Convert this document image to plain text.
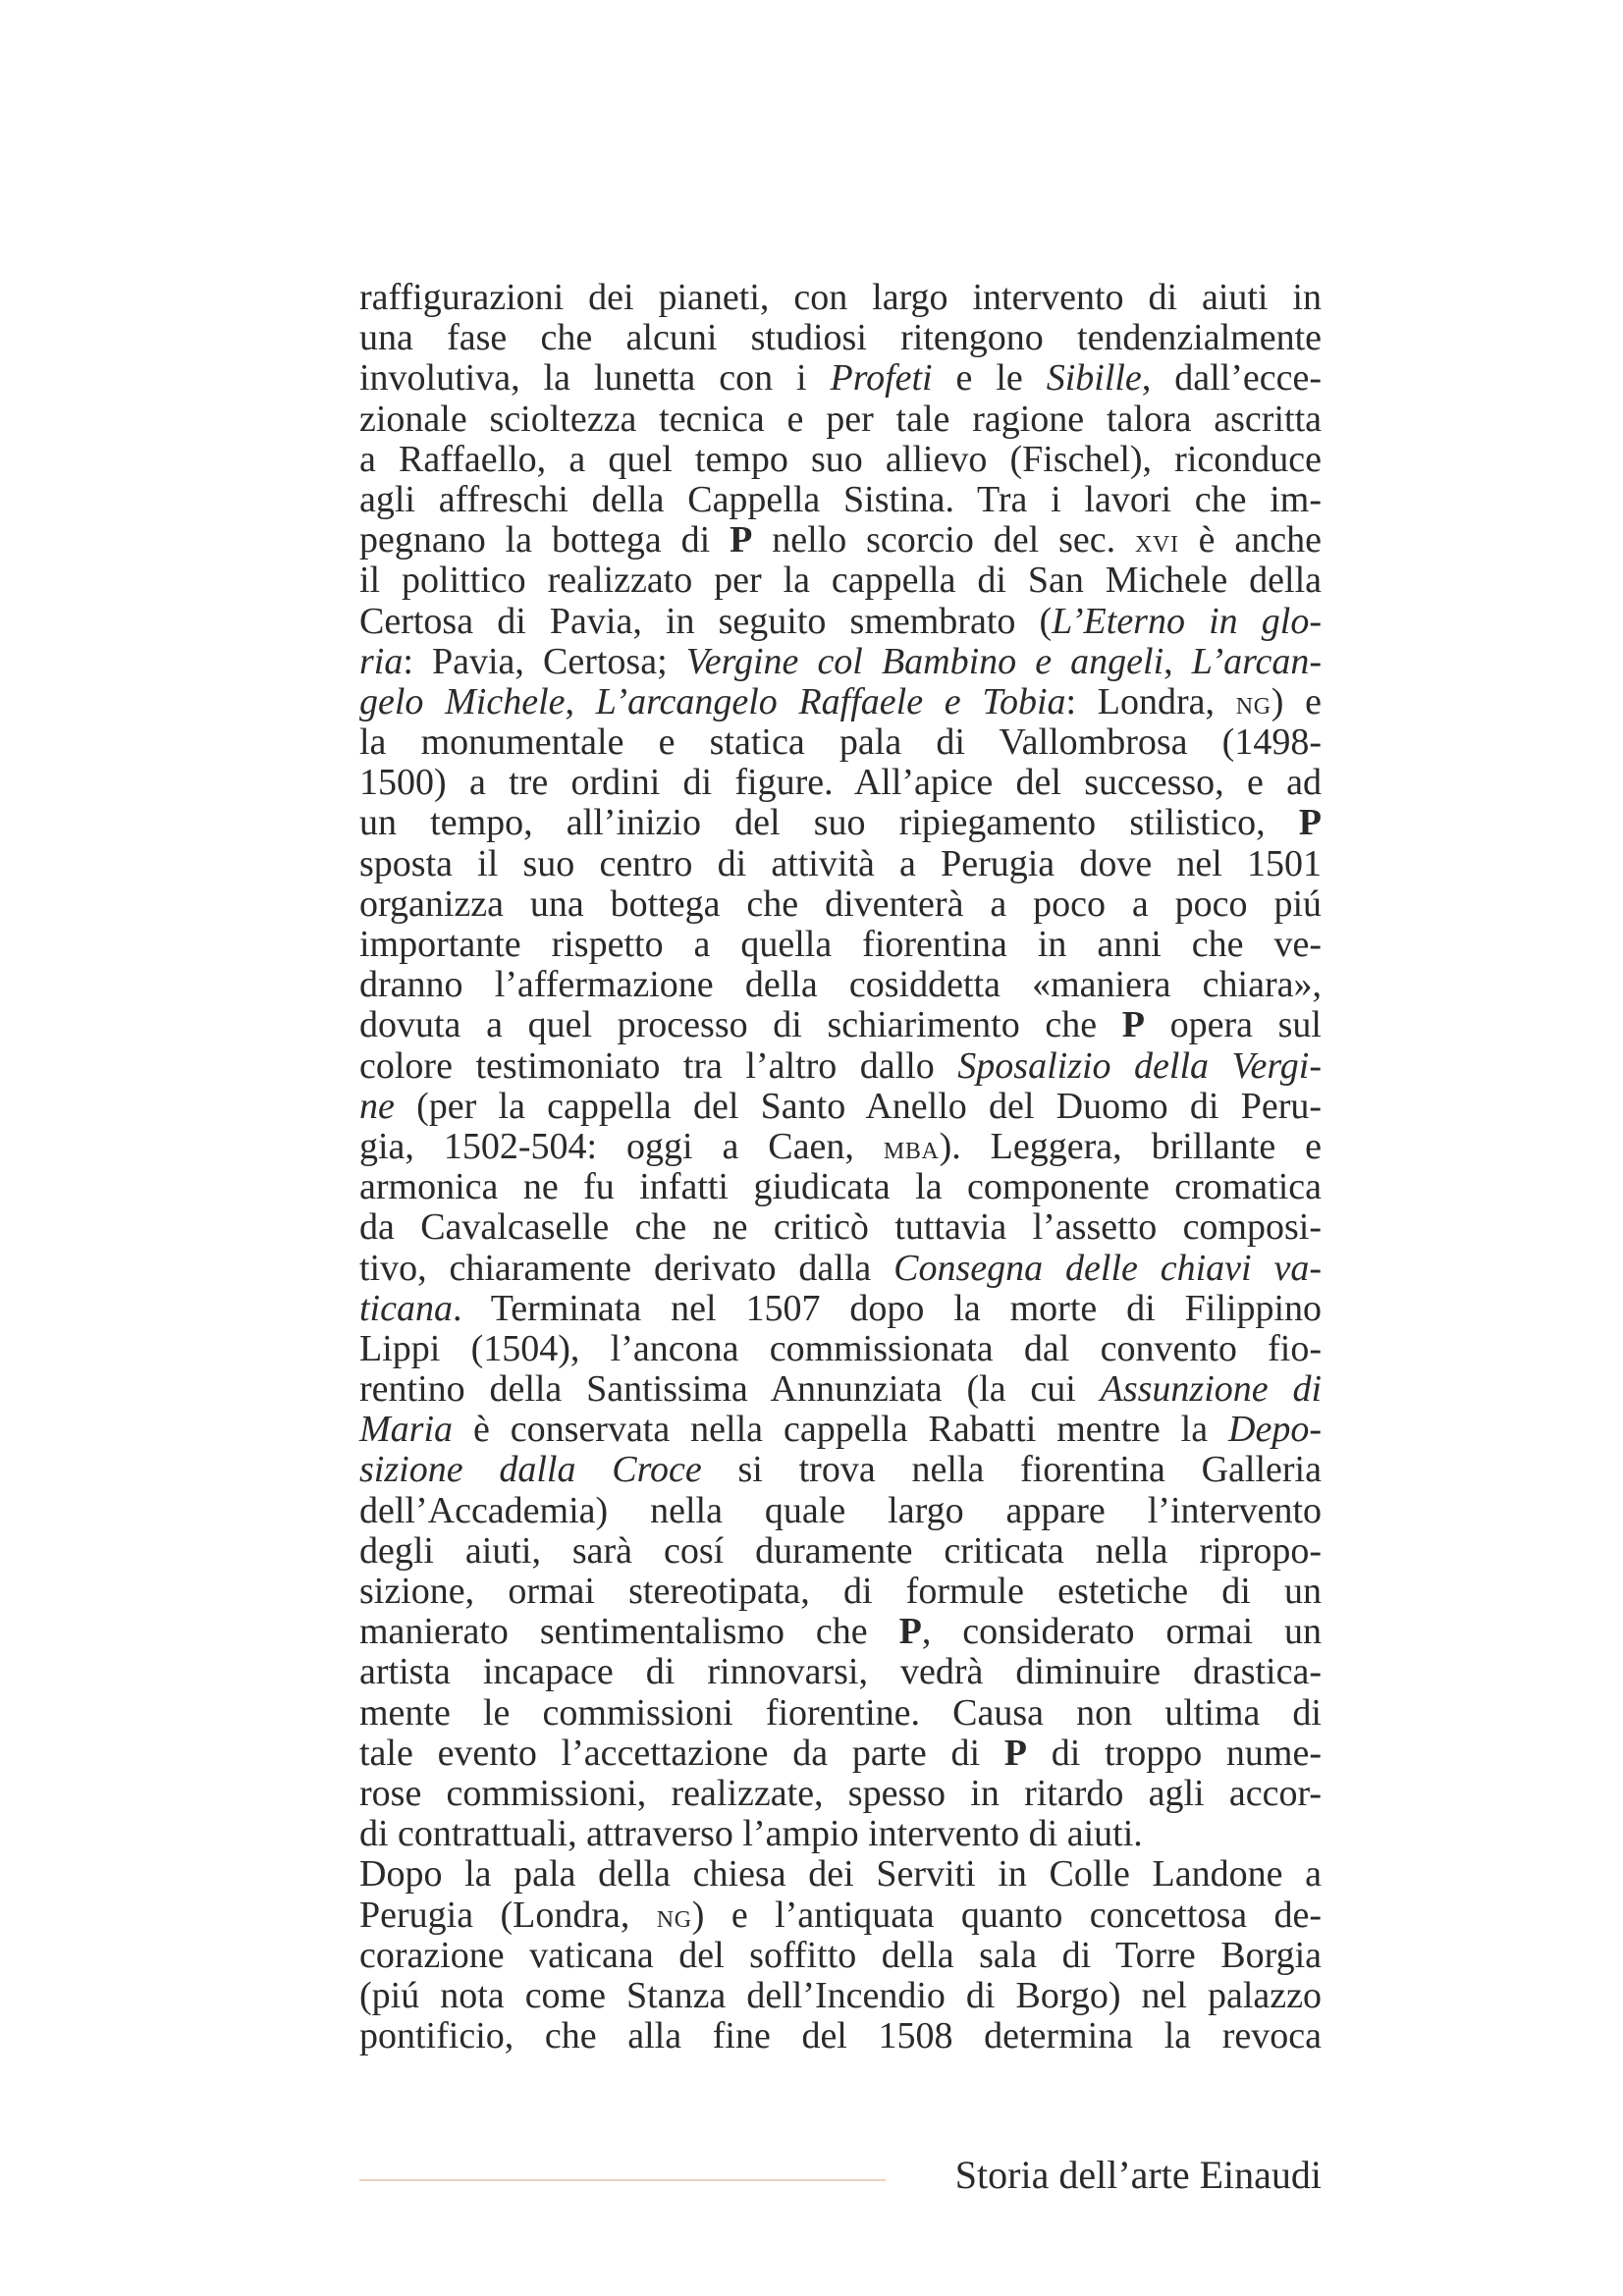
raffigurazioni dei pianeti, con largo intervento di aiuti in
una fase che alcuni studiosi ritengono tendenzialmente
involutiva, la lunetta con i Profeti e le Sibille, dall’ecce-
zionale scioltezza tecnica e per tale ragione talora ascritta
a Raffaello, a quel tempo suo allievo (Fischel), riconduce
agli affreschi della Cappella Sistina. Tra i lavori che im-
pegnano la bottega di P nello scorcio del sec. xvi è anche
il polittico realizzato per la cappella di San Michele della
Certosa di Pavia, in seguito smembrato (L’Eterno in glo-
ria: Pavia, Certosa; Vergine col Bambino e angeli, L’arcan-
gelo Michele, L’arcangelo Raffaele e Tobia: Londra, ng) e
la monumentale e statica pala di Vallombrosa (1498-
1500) a tre ordini di figure. All’apice del successo, e ad
un tempo, all’inizio del suo ripiegamento stilistico, P
sposta il suo centro di attività a Perugia dove nel 1501
organizza una bottega che diventerà a poco a poco piú
importante rispetto a quella fiorentina in anni che ve-
dranno l’affermazione della cosiddetta «maniera chiara»,
dovuta a quel processo di schiarimento che P opera sul
colore testimoniato tra l’altro dallo Sposalizio della Vergi-
ne (per la cappella del Santo Anello del Duomo di Peru-
gia, 1502-504: oggi a Caen, mba). Leggera, brillante e
armonica ne fu infatti giudicata la componente cromatica
da Cavalcaselle che ne criticò tuttavia l’assetto composi-
tivo, chiaramente derivato dalla Consegna delle chiavi va-
ticana. Terminata nel 1507 dopo la morte di Filippino
Lippi (1504), l’ancona commissionata dal convento fio-
rentino della Santissima Annunziata (la cui Assunzione di
Maria è conservata nella cappella Rabatti mentre la Depo-
sizione dalla Croce si trova nella fiorentina Galleria
dell’Accademia) nella quale largo appare l’intervento
degli aiuti, sarà cosí duramente criticata nella ripropo-
sizione, ormai stereotipata, di formule estetiche di un
manierato sentimentalismo che P, considerato ormai un
artista incapace di rinnovarsi, vedrà diminuire drastica-
mente le commissioni fiorentine. Causa non ultima di
tale evento l’accettazione da parte di P di troppo nume-
rose commissioni, realizzate, spesso in ritardo agli accor-
di contrattuali, attraverso l’ampio intervento di aiuti.
Dopo la pala della chiesa dei Serviti in Colle Landone a
Perugia (Londra, ng) e l’antiquata quanto concettosa de-
corazione vaticana del soffitto della sala di Torre Borgia
(piú nota come Stanza dell’Incendio di Borgo) nel palazzo
pontificio, che alla fine del 1508 determina la revoca
Storia dell’arte Einaudi
